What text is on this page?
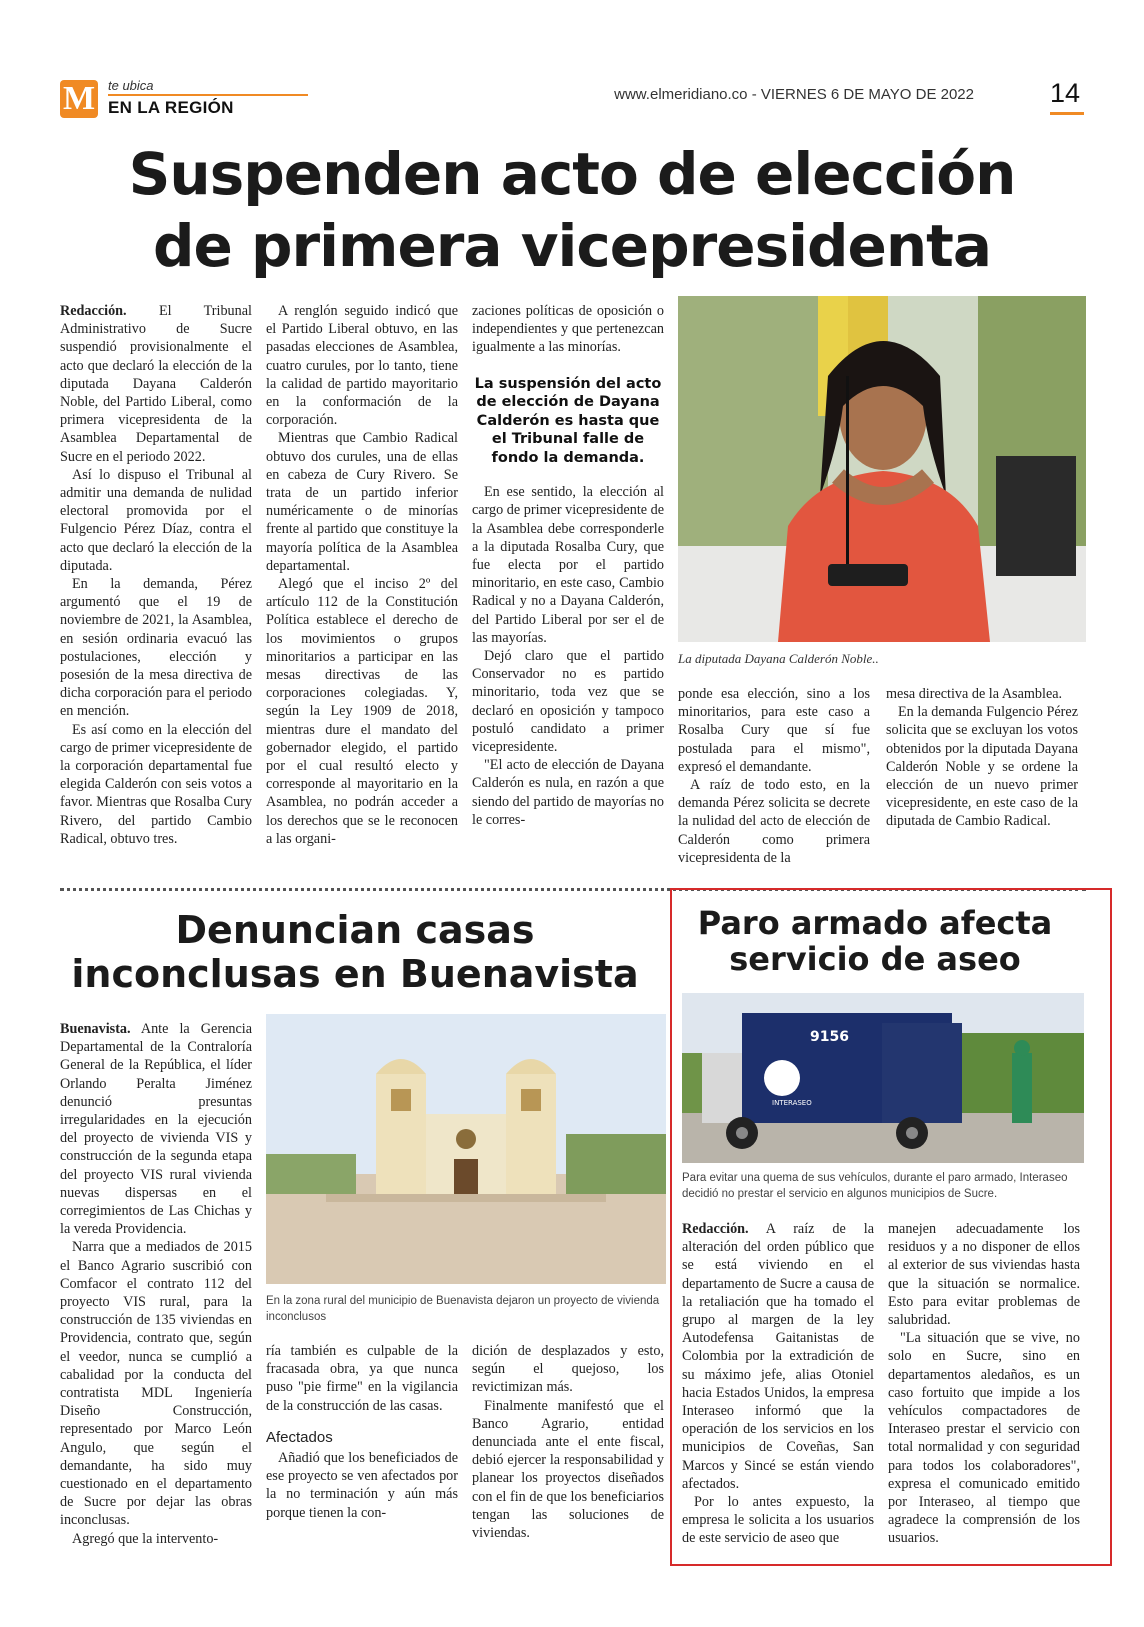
M te ubica
EN LA REGIÓN
www.elmeridiano.co - VIERNES 6 DE MAYO DE 2022	14
Suspenden acto de elección
de primera vicepresidenta

Redacción. El Tribunal Administrativo de Sucre suspendió provisionalmente el acto que declaró la elección de la diputada Dayana Calderón Noble, del Partido Liberal, como primera vicepresidenta de la Asamblea Departamental de Sucre en el periodo 2022.

Así lo dispuso el Tribunal al admitir una demanda de nulidad electoral promovida por el Fulgencio Pérez Díaz, contra el acto que declaró la elección de la diputada.

En la demanda, Pérez argumentó que el 19 de noviembre de 2021, la Asamblea, en sesión ordinaria evacuó las postulaciones, elección y posesión de la mesa directiva de dicha corporación para el periodo en mención.

Es así como en la elección del cargo de primer vicepresidente de la corporación departamental fue elegida Calderón con seis votos a favor. Mientras que Rosalba Cury Rivero, del partido Cambio Radical, obtuvo tres.

A renglón seguido indicó que el Partido Liberal obtuvo, en las pasadas elecciones de Asamblea, cuatro curules, por lo tanto, tiene la calidad de partido mayoritario en la conformación de la corporación.

Mientras que Cambio Radical obtuvo dos curules, una de ellas en cabeza de Cury Rivero. Se trata de un partido inferior numéricamente o de minorías frente al partido que constituye la mayoría política de la Asamblea departamental.

Alegó que el inciso 2º del artículo 112 de la Constitución Política establece el derecho de los movimientos o grupos minoritarios a participar en las mesas directivas de las corporaciones colegiadas. Y, según la Ley 1909 de 2018, mientras dure el mandato del gobernador elegido, el partido por el cual resultó electo y corresponde al mayoritario en la Asamblea, no podrán acceder a los derechos que se le reconocen a las organi-

zaciones políticas de oposición o independientes y que pertenezcan igualmente a las minorías.

La suspensión del acto de elección de Dayana Calderón es hasta que el Tribunal falle de fondo la demanda.

En ese sentido, la elección al cargo de primer vicepresidente de la Asamblea debe corresponderle a la diputada Rosalba Cury, que fue electa por el partido minoritario, en este caso, Cambio Radical y no a Dayana Calderón, del Partido Liberal por ser el de las mayorías.

Dejó claro que el partido Conservador no es partido minoritario, toda vez que se declaró en oposición y tampoco postuló candidato a primer vicepresidente.

"El acto de elección de Dayana Calderón es nula, en razón a que siendo del partido de mayorías no le corres-

La diputada Dayana Calderón Noble..

ponde esa elección, sino a los minoritarios, para este caso a Rosalba Cury que sí fue postulada para el mismo", expresó el demandante.

A raíz de todo esto, en la demanda Pérez solicita se decrete la nulidad del acto de elección de Calderón como primera vicepresidenta de la

mesa directiva de la Asamblea.

En la demanda Fulgencio Pérez solicita que se excluyan los votos obtenidos por la diputada Dayana Calderón Noble y se ordene la elección de un nuevo primer vicepresidente, en este caso de la diputada de Cambio Radical.

Denuncian casas
inconclusas en Buenavista

Buenavista. Ante la Gerencia Departamental de la Contraloría General de la República, el líder Orlando Peralta Jiménez denunció presuntas irregularidades en la ejecución del proyecto de vivienda VIS y construcción de la segunda etapa del proyecto VIS rural vivienda nuevas dispersas en el corregimientos de Las Chichas y la vereda Providencia.

Narra que a mediados de 2015 el Banco Agrario suscribió con Comfacor el contrato 112 del proyecto VIS rural, para la construcción de 135 viviendas en Providencia, contrato que, según el veedor, nunca se cumplió a cabalidad por la conducta del contratista MDL Ingeniería Diseño Construcción, representado por Marco León Angulo, que según el demandante, ha sido muy cuestionado en el departamento de Sucre por dejar las obras inconclusas.

Agregó que la intervento-

En la zona rural del municipio de Buenavista dejaron un proyecto de vivienda inconclusos

ría también es culpable de la fracasada obra, ya que nunca puso "pie firme" en la vigilancia de la construcción de las casas.

Afectados

Añadió que los beneficiados de ese proyecto se ven afectados por la no terminación y aún más porque tienen la con-

dición de desplazados y esto, según el quejoso, los revictimizan más.

Finalmente manifestó que el Banco Agrario, entidad denunciada ante el ente fiscal, debió ejercer la responsabilidad y planear los proyectos diseñados con el fin de que los beneficiarios tengan las soluciones de viviendas.

Paro armado afecta
servicio de aseo
9156
INTERASEO
Para evitar una quema de sus vehículos, durante el paro armado, Interaseo decidió no prestar el servicio en algunos municipios de Sucre.

Redacción. A raíz de la alteración del orden público que se está viviendo en el departamento de Sucre a causa de la retaliación que ha tomado el grupo al margen de la ley Autodefensa Gaitanistas de Colombia por la extradición de su máximo jefe, alias Otoniel hacia Estados Unidos, la empresa Interaseo informó que la operación de los servicios en los municipios de Coveñas, San Marcos y Sincé se están viendo afectados.

Por lo antes expuesto, la empresa le solicita a los usuarios de este servicio de aseo que

manejen adecuadamente los residuos y a no disponer de ellos al exterior de sus viviendas hasta que la situación se normalice. Esto para evitar problemas de salubridad.

"La situación que se vive, no solo en Sucre, sino en departamentos aledaños, es un caso fortuito que impide a los vehículos compactadores de Interaseo prestar el servicio con total normalidad y con seguridad para todos los colaboradores", expresa el comunicado emitido por Interaseo, al tiempo que agradece la comprensión de los usuarios.
